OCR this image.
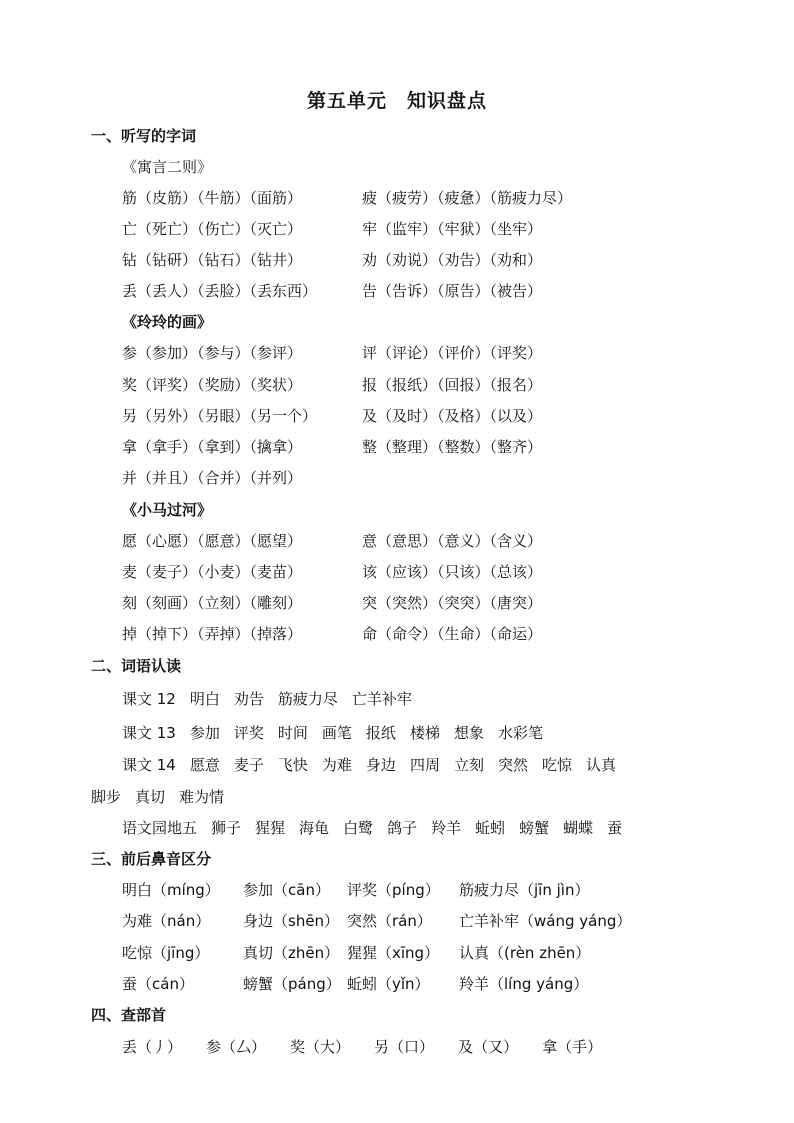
第五单元　知识盘点
一、听写的字词
《寓言二则》
筋（皮筋）（牛筋）（面筋）	疲（疲劳）（疲惫）（筋疲力尽）
亡（死亡）（伤亡）（灭亡）	牢（监牢）（牢狱）（坐牢）
钻（钻研）（钻石）（钻井）	劝（劝说）（劝告）（劝和）
丢（丢人）（丢脸）（丢东西）	告（告诉）（原告）（被告）
《玲玲的画》
参（参加）（参与）（参评）	评（评论）（评价）（评奖）
奖（评奖）（奖励）（奖状）	报（报纸）（回报）（报名）
另（另外）（另眼）（另一个）	及（及时）（及格）（以及）
拿（拿手）（拿到）（擒拿）	整（整理）（整数）（整齐）
并（并且）（合并）（并列）
《小马过河》
愿（心愿）（愿意）（愿望）	意（意思）（意义）（含义）
麦（麦子）（小麦）（麦苗）	该（应该）（只该）（总该）
刻（刻画）（立刻）（雕刻）	突（突然）（突突）（唐突）
掉（掉下）（弄掉）（掉落）	命（命令）（生命）（命运）
二、词语认读
课文 12 明白 劝告 筋疲力尽 亡羊补牢
课文 13 参加 评奖 时间 画笔 报纸 楼梯 想象 水彩笔
课文 14 愿意 麦子 飞快 为难 身边 四周 立刻 突然 吃惊 认真
脚步 真切 难为情
语文园地五 狮子 猩猩 海龟 白鹭 鸽子 羚羊 蚯蚓 螃蟹 蝴蝶 蚕
三、前后鼻音区分
明白（míng） 参加（cān） 评奖（píng） 筋疲力尽（jīn jìn）
为难（nán） 身边（shēn） 突然（rán） 亡羊补牢（wáng yáng）
吃惊（jīng） 真切（zhēn） 猩猩（xīng） 认真（(rèn zhēn）
蚕（cán）	螃蟹（páng） 蚯蚓（yǐn） 羚羊（líng yáng）
四、查部首
丢（丿） 参（厶） 奖（大） 另（口） 及（又） 拿（手）
